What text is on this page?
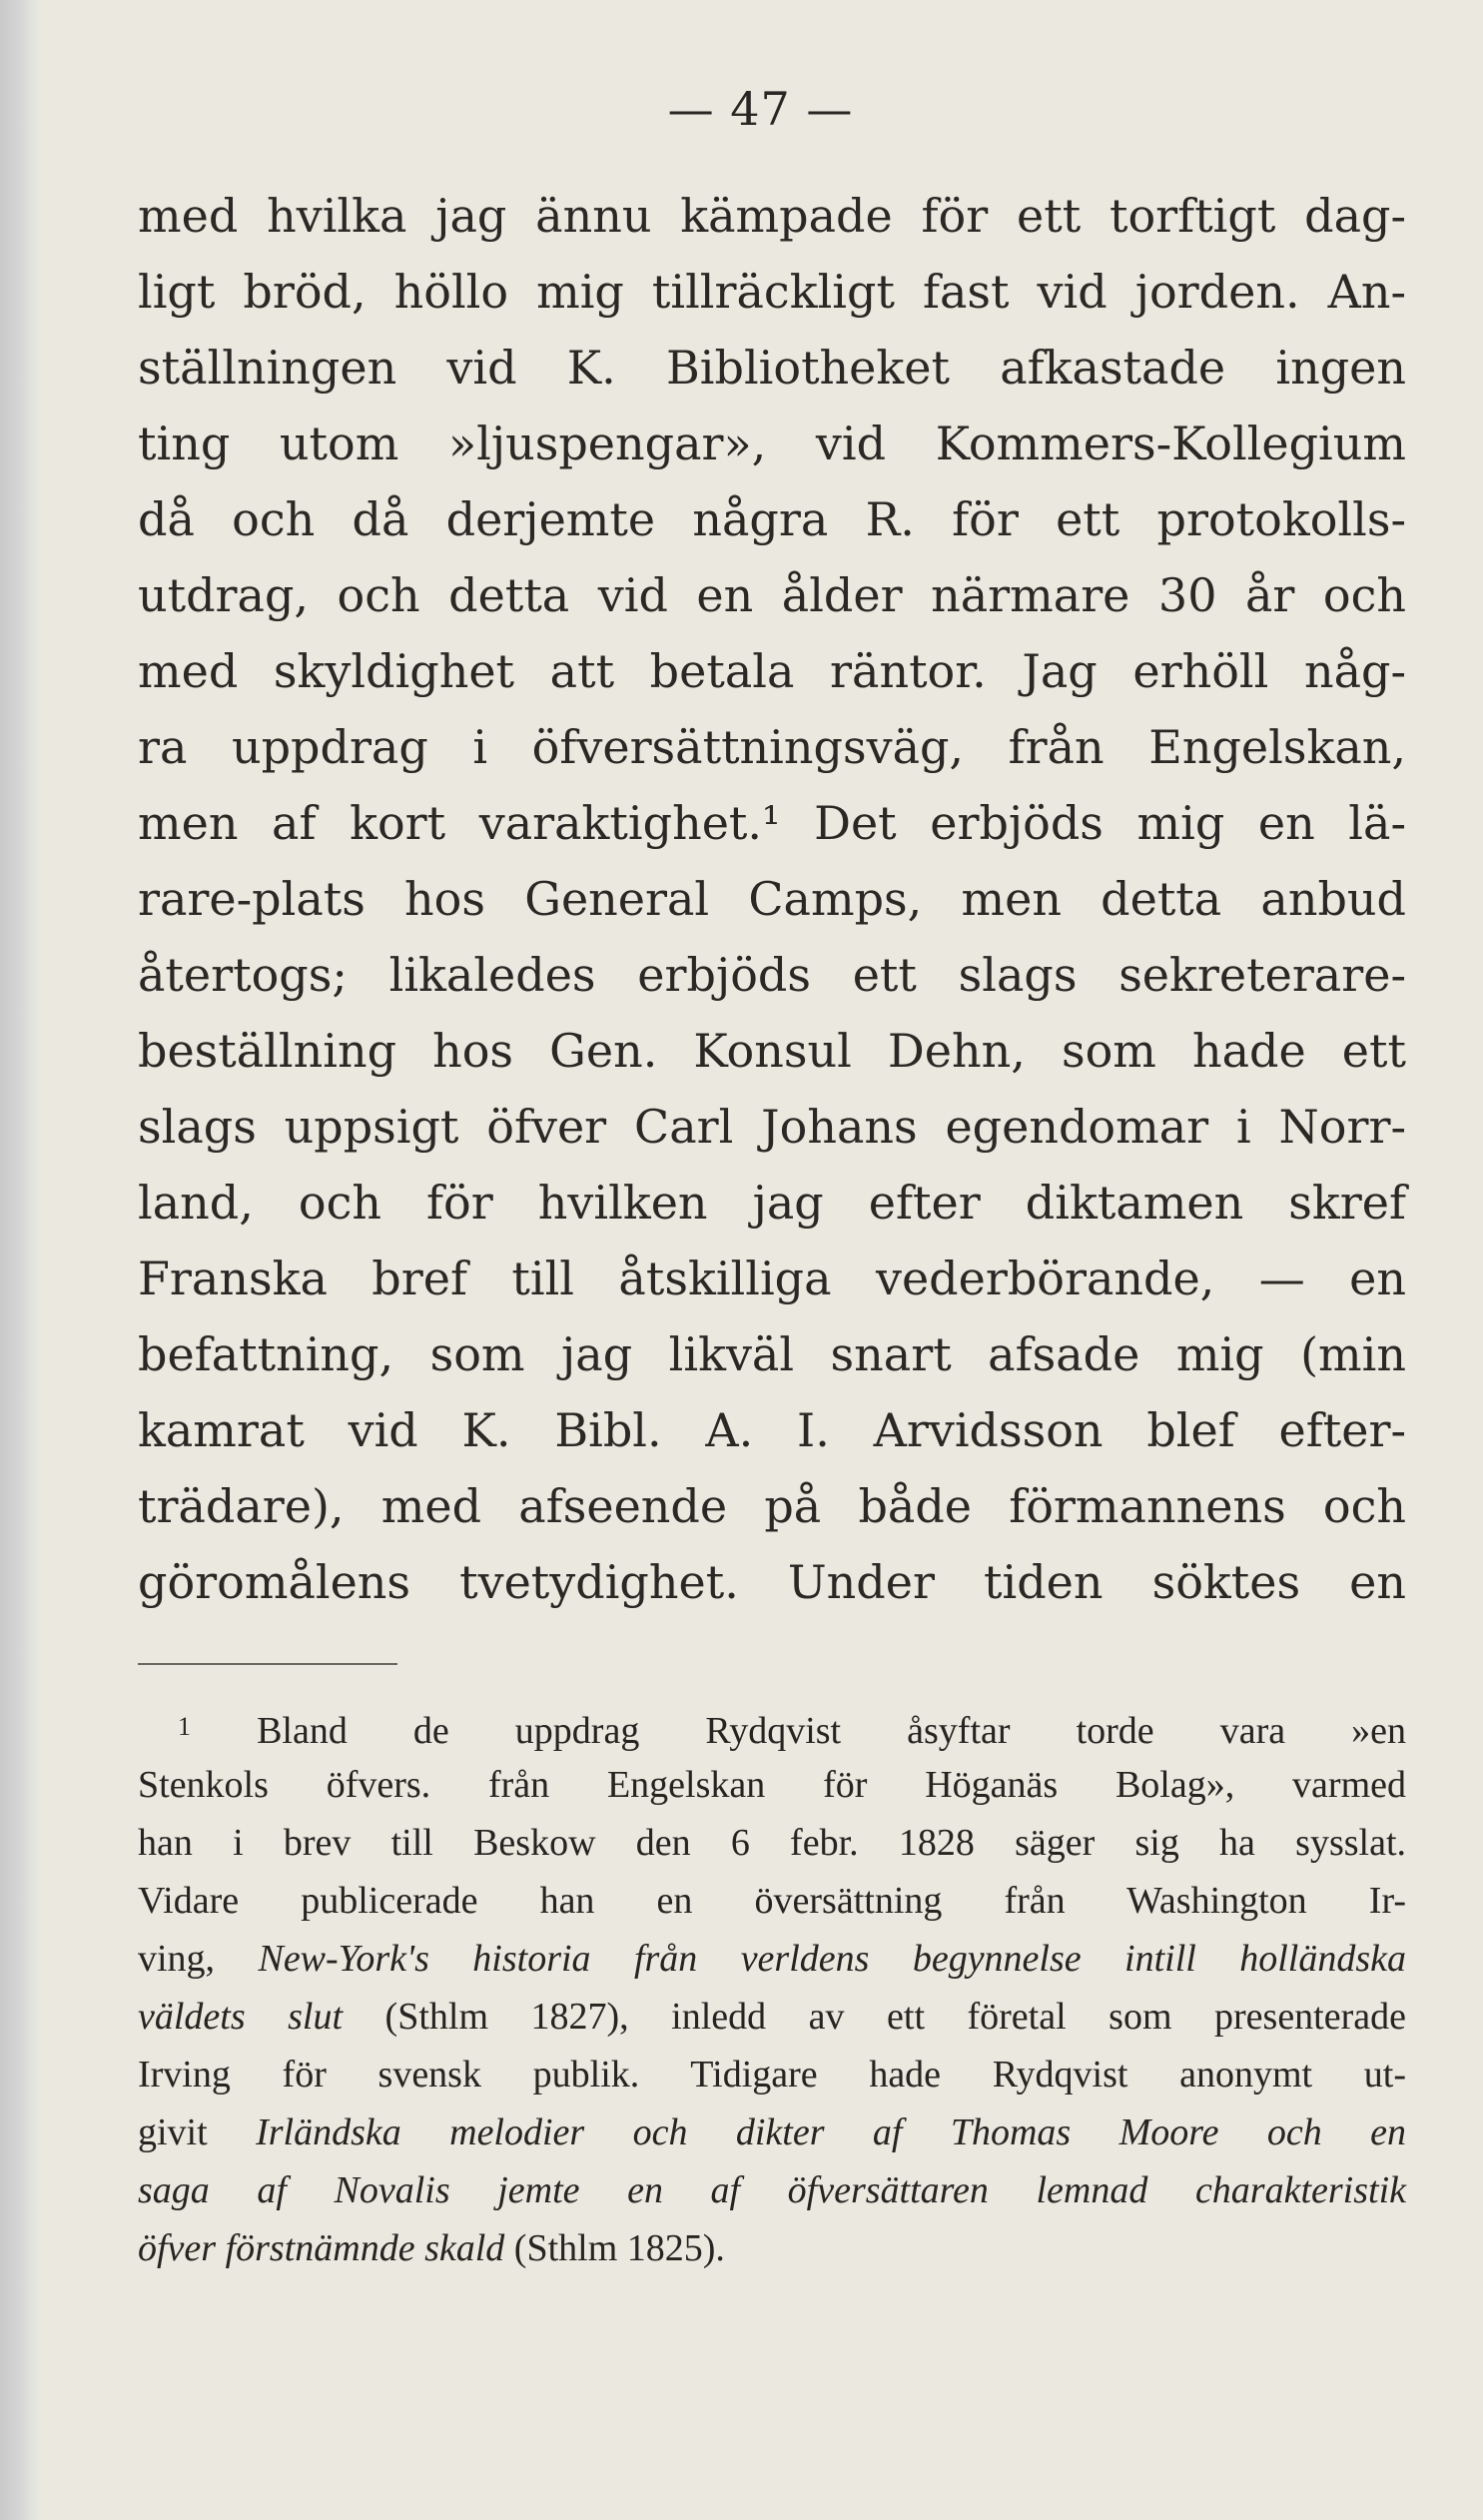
— 47 —
med hvilka jag ännu kämpade för ett torftigt dag-
ligt bröd, höllo mig tillräckligt fast vid jorden. An-
ställningen vid K. Bibliotheket afkastade ingen
ting utom »ljuspengar», vid Kommers-Kollegium
då och då derjemte några R. för ett protokolls-
utdrag, och detta vid en ålder närmare 30 år och
med skyldighet att betala räntor. Jag erhöll någ-
ra uppdrag i öfversättningsväg, från Engelskan,
men af kort varaktighet.¹ Det erbjöds mig en lä-
rare-plats hos General Camps, men detta anbud
återtogs; likaledes erbjöds ett slags sekreterare-
beställning hos Gen. Konsul Dehn, som hade ett
slags uppsigt öfver Carl Johans egendomar i Norr-
land, och för hvilken jag efter diktamen skref
Franska bref till åtskilliga vederbörande, — en
befattning, som jag likväl snart afsade mig (min
kamrat vid K. Bibl. A. I. Arvidsson blef efter-
trädare), med afseende på både förmannens och
göromålens tvetydighet. Under tiden söktes en
$^1$ Bland de uppdrag Rydqvist åsyftar torde vara »en
Stenkols öfvers. från Engelskan för Höganäs Bolag», varmed
han i brev till Beskow den 6 febr. 1828 säger sig ha sysslat.
Vidare publicerade han en översättning från Washington Ir-
ving, New-York's historia från verldens begynnelse intill holländska
väldets slut (Sthlm 1827), inledd av ett företal som presenterade
Irving för svensk publik. Tidigare hade Rydqvist anonymt ut-
givit Irländska melodier och dikter af Thomas Moore och en
saga af Novalis jemte en af öfversättaren lemnad charakteristik
öfver förstnämnde skald (Sthlm 1825).
